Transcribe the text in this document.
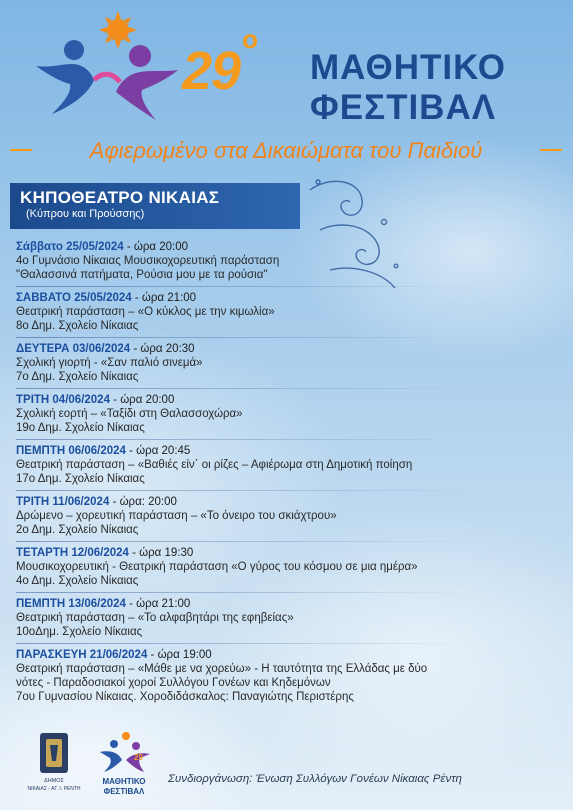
$29^o$
ΜΑΘΗΤΙΚΟ
ΦΕΣΤΙΒΑΛ
Αφιερωμένο στα Δικαιώματα του Παιδιού
ΚΗΠΟΘΕΑΤΡΟ ΝΙΚΑΙΑΣ
(Κύπρου και Προύσσης)
Σάββατο 25/05/2024 - ώρα 20:00
4ο Γυμνάσιο Νίκαιας Μουσικοχορευτική παράσταση
"Θαλασσινά πατήματα, Ρούσια μου με τα ρούσια"
ΣΑΒΒΑΤΟ 25/05/2024 - ώρα 21:00
Θεατρική παράσταση – «Ο κύκλος με την κιμωλία»
8ο Δημ. Σχολείο Νίκαιας
ΔΕΥΤΕΡΑ 03/06/2024 - ώρα 20:30
Σχολική γιορτή - «Σαν παλιό σινεμά»
7ο Δημ. Σχολείο Νίκαιας
ΤΡΙΤΗ 04/06/2024 - ώρα 20:00
Σχολική εορτή – «Ταξίδι στη Θαλασσοχώρα»
19ο Δημ. Σχολείο Νίκαιας
ΠΕΜΠΤΗ 06/06/2024 - ώρα 20:45
Θεατρική παράσταση – «Βαθιές είν΄ οι ρίζες – Αφιέρωμα στη Δημοτική ποίηση
17ο Δημ. Σχολείο Νίκαιας
ΤΡΙΤΗ 11/06/2024 - ώρα: 20:00
Δρώμενο – χορευτική παράσταση – «Το όνειρο του σκιάχτρου»
2ο Δημ. Σχολείο Νίκαιας
ΤΕΤΑΡΤΗ 12/06/2024 - ώρα 19:30
Μουσικοχορευτική - Θεατρική παράσταση «Ο γύρος του κόσμου σε μια ημέρα»
4ο Δημ. Σχολείο Νίκαιας
ΠΕΜΠΤΗ 13/06/2024 - ώρα 21:00
Θεατρική παράσταση – «Το αλφαβητάρι της εφηβείας»
10οΔημ. Σχολείο Νίκαιας
ΠΑΡΑΣΚΕΥΗ 21/06/2024 - ώρα 19:00
Θεατρική παράσταση – «Μάθε με να χορεύω» - Η ταυτότητα της Ελλάδας με δύο
νότες - Παραδοσιακοί χοροί Συλλόγου Γονέων και Κηδεμόνων
7ου Γυμνασίου Νίκαιας. Χοροδιδάσκαλος: Παναγιώτης Περιστέρης
ΔΗΜΟΣ
ΝΙΚΑΙΑΣ - ΑΓ. Ι. ΡΕΝΤΗ
29
ΜΑΘΗΤΙΚΟ
ΦΕΣΤΙΒΑΛ
Συνδιοργάνωση: Ένωση Συλλόγων Γονέων Νίκαιας Ρέντη
